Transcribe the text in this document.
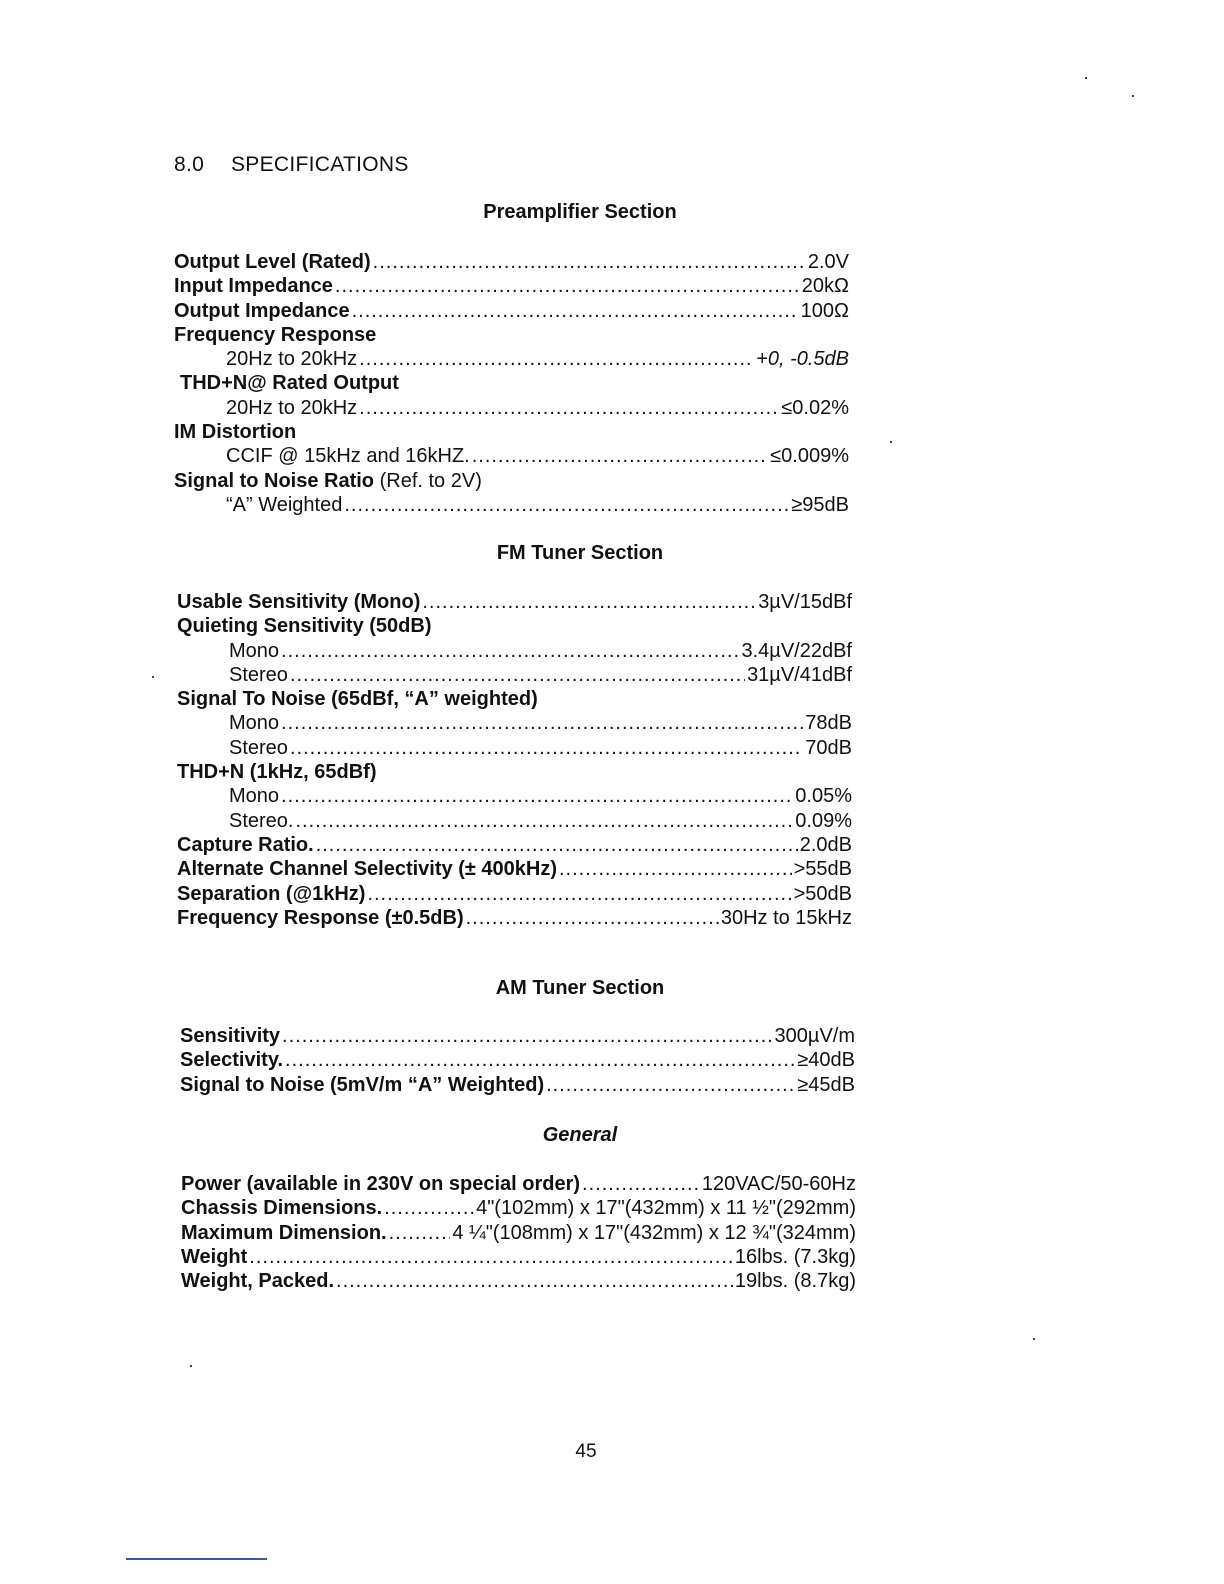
8.0 SPECIFICATIONS
Preamplifier Section
Output Level (Rated) .....	2.0V
Input Impedance .....	20kΩ
Output Impedance .....	100Ω
Frequency Response
20Hz to 20kHz .....	+0, -0.5dB
THD+N@ Rated Output
20Hz to 20kHz .....	≤0.02%
IM Distortion
CCIF @ 15kHz and 16kHZ. .....	≤0.009%
Signal to Noise Ratio (Ref. to 2V)
“A” Weighted .....	≥95dB
FM Tuner Section
Usable Sensitivity (Mono) .....	3µV/15dBf
Quieting Sensitivity (50dB)
Mono .....	3.4µV/22dBf
Stereo .....	31µV/41dBf
Signal To Noise (65dBf, “A” weighted)
Mono .....	78dB
Stereo .....	70dB
THD+N (1kHz, 65dBf)
Mono .....	0.05%
Stereo. .....	0.09%
Capture Ratio. .....	2.0dB
Alternate Channel Selectivity (± 400kHz) .....	>55dB
Separation (@1kHz) .....	>50dB
Frequency Response (±0.5dB) .....	30Hz to 15kHz
AM Tuner Section
Sensitivity .....	300µV/m
Selectivity. .....	≥40dB
Signal to Noise (5mV/m “A” Weighted) .....	≥45dB
General
Power (available in 230V on special order) .....	120VAC/50-60Hz
Chassis Dimensions. .....	4"(102mm) x 17"(432mm) x 11 ½"(292mm)
Maximum Dimension. .....	4 ¼"(108mm) x 17"(432mm) x 12 ¾"(324mm)
Weight .....	16lbs. (7.3kg)
Weight, Packed. .....	19lbs. (8.7kg)
45
